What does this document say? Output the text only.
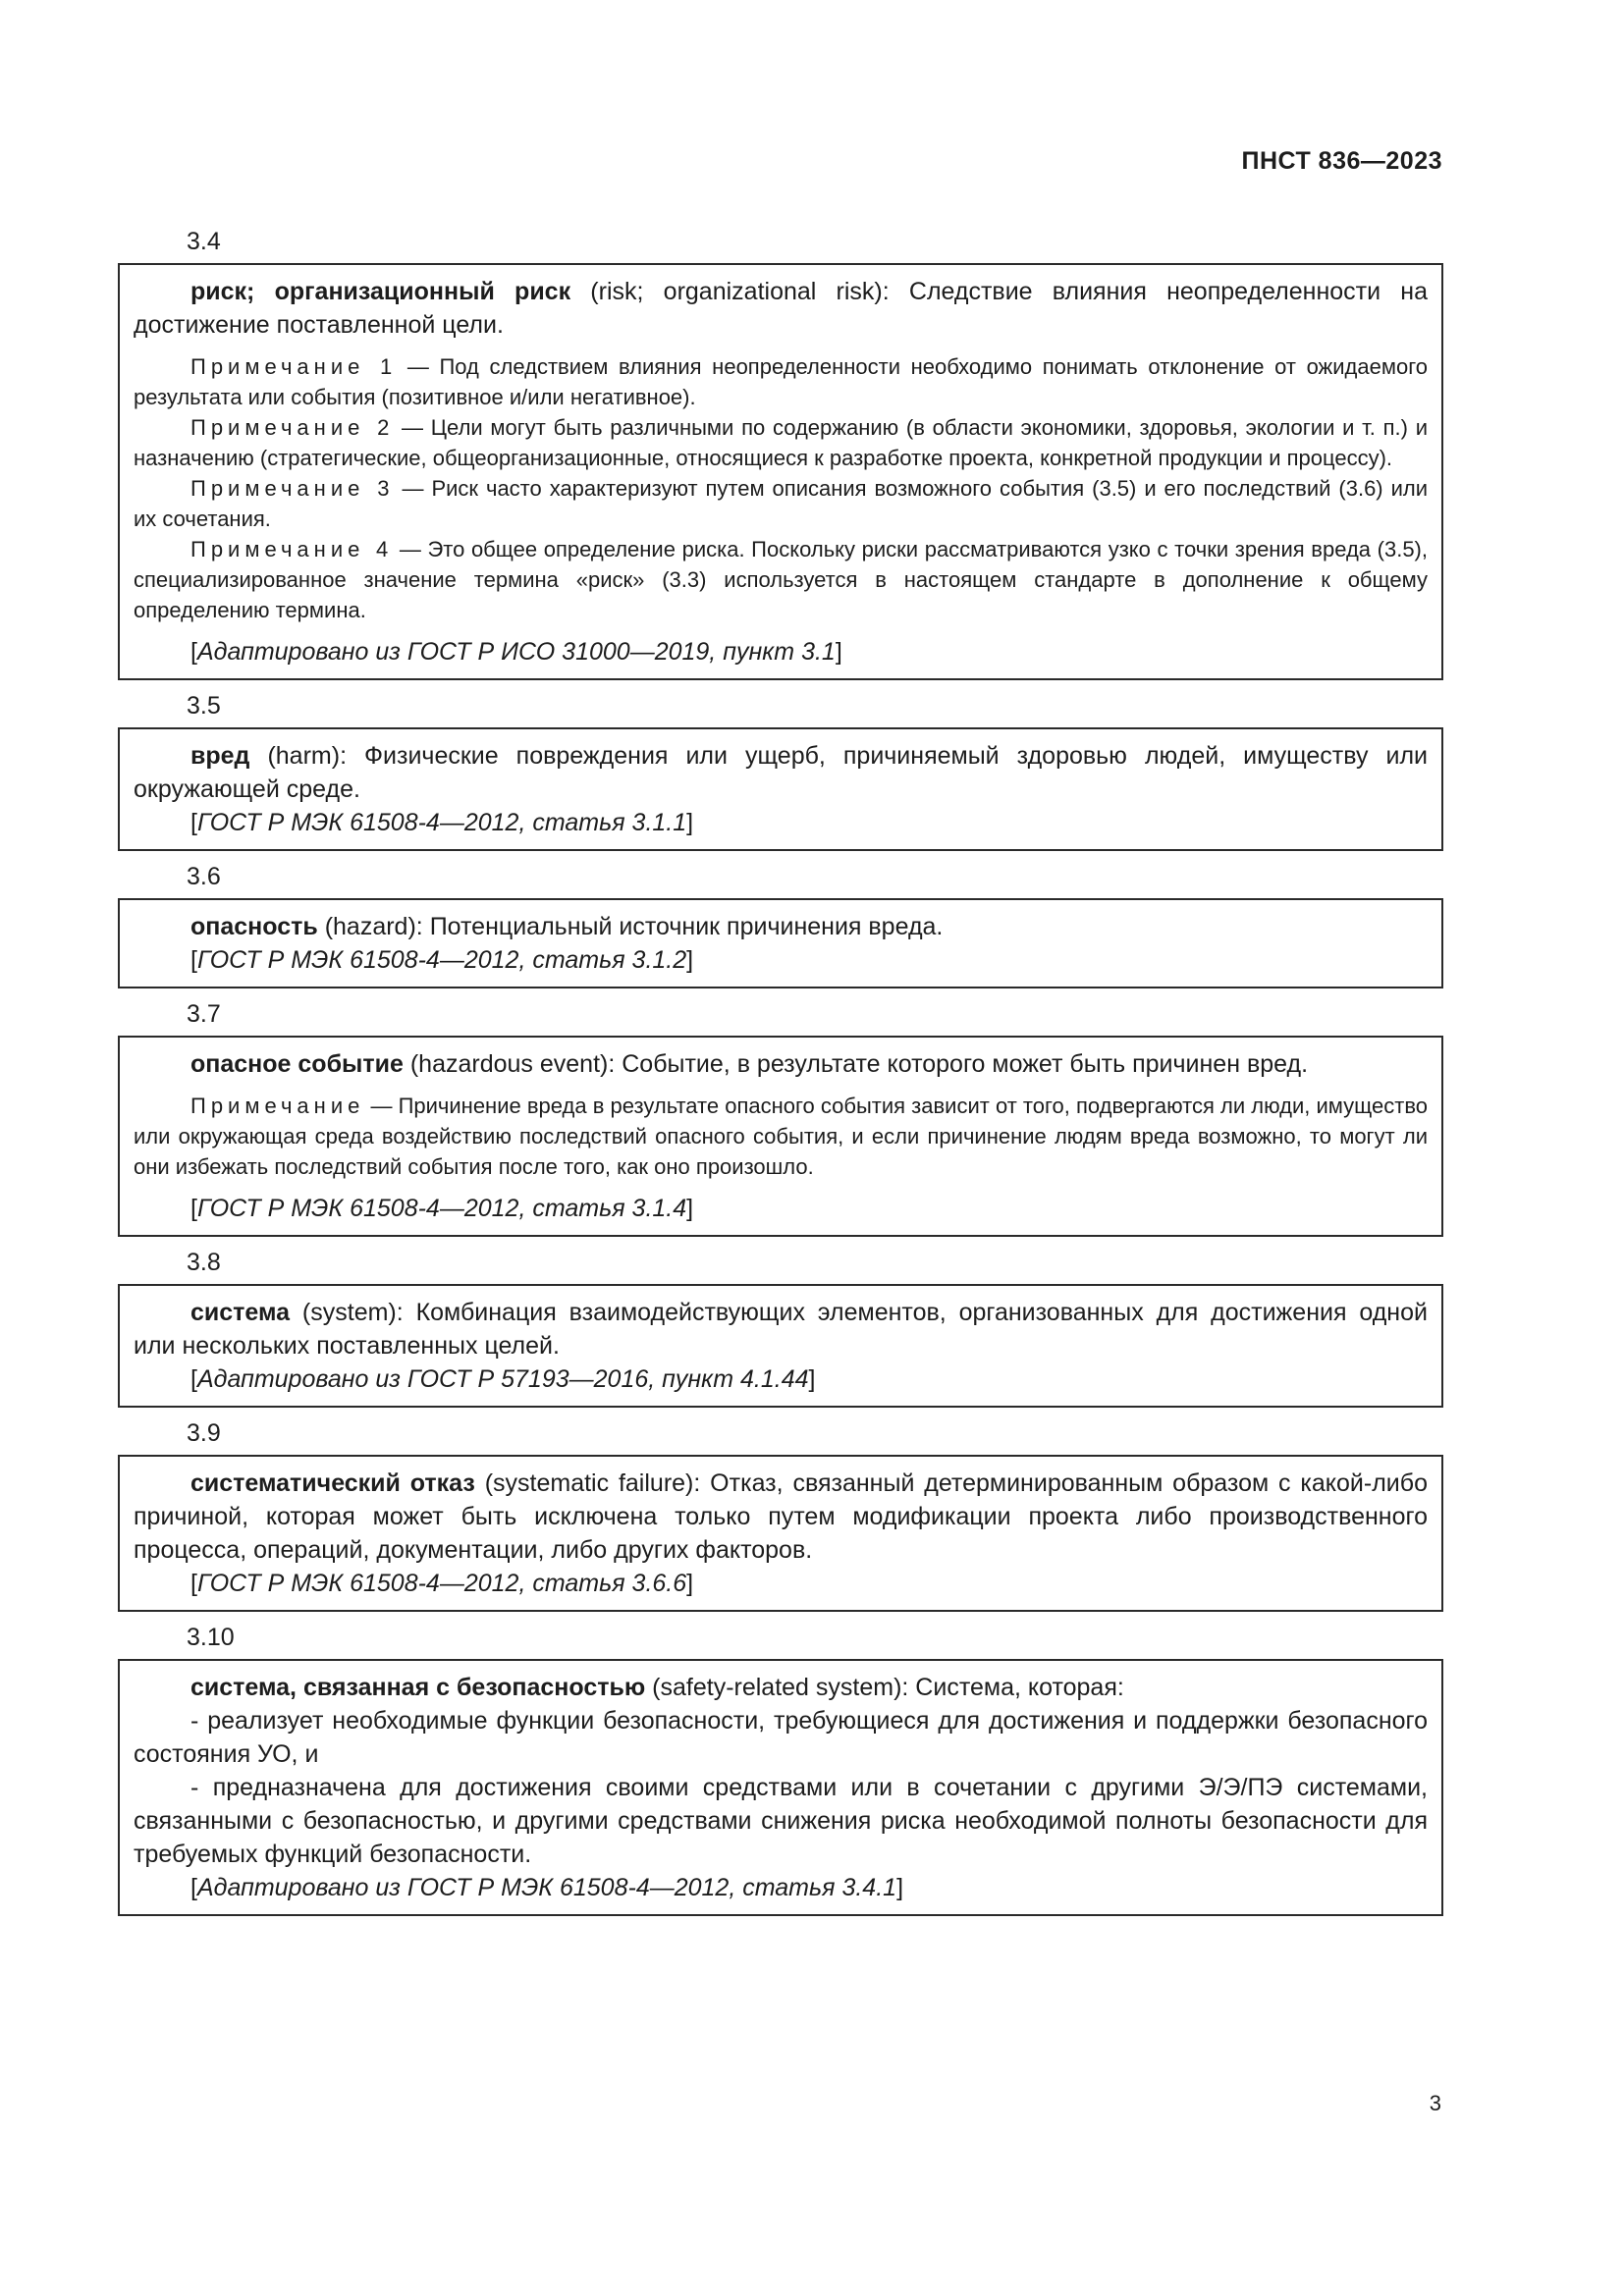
ПНСТ 836—2023
3.4

риск; организационный риск (risk; organizational risk): Следствие влияния неопределенности на достижение поставленной цели.

Примечание 1 — Под следствием влияния неопределенности необходимо понимать отклонение от ожидаемого результата или события (позитивное и/или негативное).

Примечание 2 — Цели могут быть различными по содержанию (в области экономики, здоровья, экологии и т. п.) и назначению (стратегические, общеорганизационные, относящиеся к разработке проекта, конкретной продукции и процессу).

Примечание 3 — Риск часто характеризуют путем описания возможного события (3.5) и его последствий (3.6) или их сочетания.

Примечание 4 — Это общее определение риска. Поскольку риски рассматриваются узко с точки зрения вреда (3.5), специализированное значение термина «риск» (3.3) используется в настоящем стандарте в дополнение к общему определению термина.

[Адаптировано из ГОСТ Р ИСО 31000—2019, пункт 3.1]

3.5

вред (harm): Физические повреждения или ущерб, причиняемый здоровью людей, имуществу или окружающей среде.

[ГОСТ Р МЭК 61508-4—2012, статья 3.1.1]

3.6

опасность (hazard): Потенциальный источник причинения вреда.

[ГОСТ Р МЭК 61508-4—2012, статья 3.1.2]

3.7

опасное событие (hazardous event): Событие, в результате которого может быть причинен вред.

Примечание — Причинение вреда в результате опасного события зависит от того, подвергаются ли люди, имущество или окружающая среда воздействию последствий опасного события, и если причинение людям вреда возможно, то могут ли они избежать последствий события после того, как оно произошло.

[ГОСТ Р МЭК 61508-4—2012, статья 3.1.4]

3.8

система (system): Комбинация взаимодействующих элементов, организованных для достижения одной или нескольких поставленных целей.

[Адаптировано из ГОСТ Р 57193—2016, пункт 4.1.44]

3.9

систематический отказ (systematic failure): Отказ, связанный детерминированным образом с какой-либо причиной, которая может быть исключена только путем модификации проекта либо производственного процесса, операций, документации, либо других факторов.

[ГОСТ Р МЭК 61508-4—2012, статья 3.6.6]

3.10

система, связанная с безопасностью (safety-related system): Система, которая:

- реализует необходимые функции безопасности, требующиеся для достижения и поддержки безопасного состояния УО, и

- предназначена для достижения своими средствами или в сочетании с другими Э/Э/ПЭ системами, связанными с безопасностью, и другими средствами снижения риска необходимой полноты безопасности для требуемых функций безопасности.

[Адаптировано из ГОСТ Р МЭК 61508-4—2012, статья 3.4.1]

3
